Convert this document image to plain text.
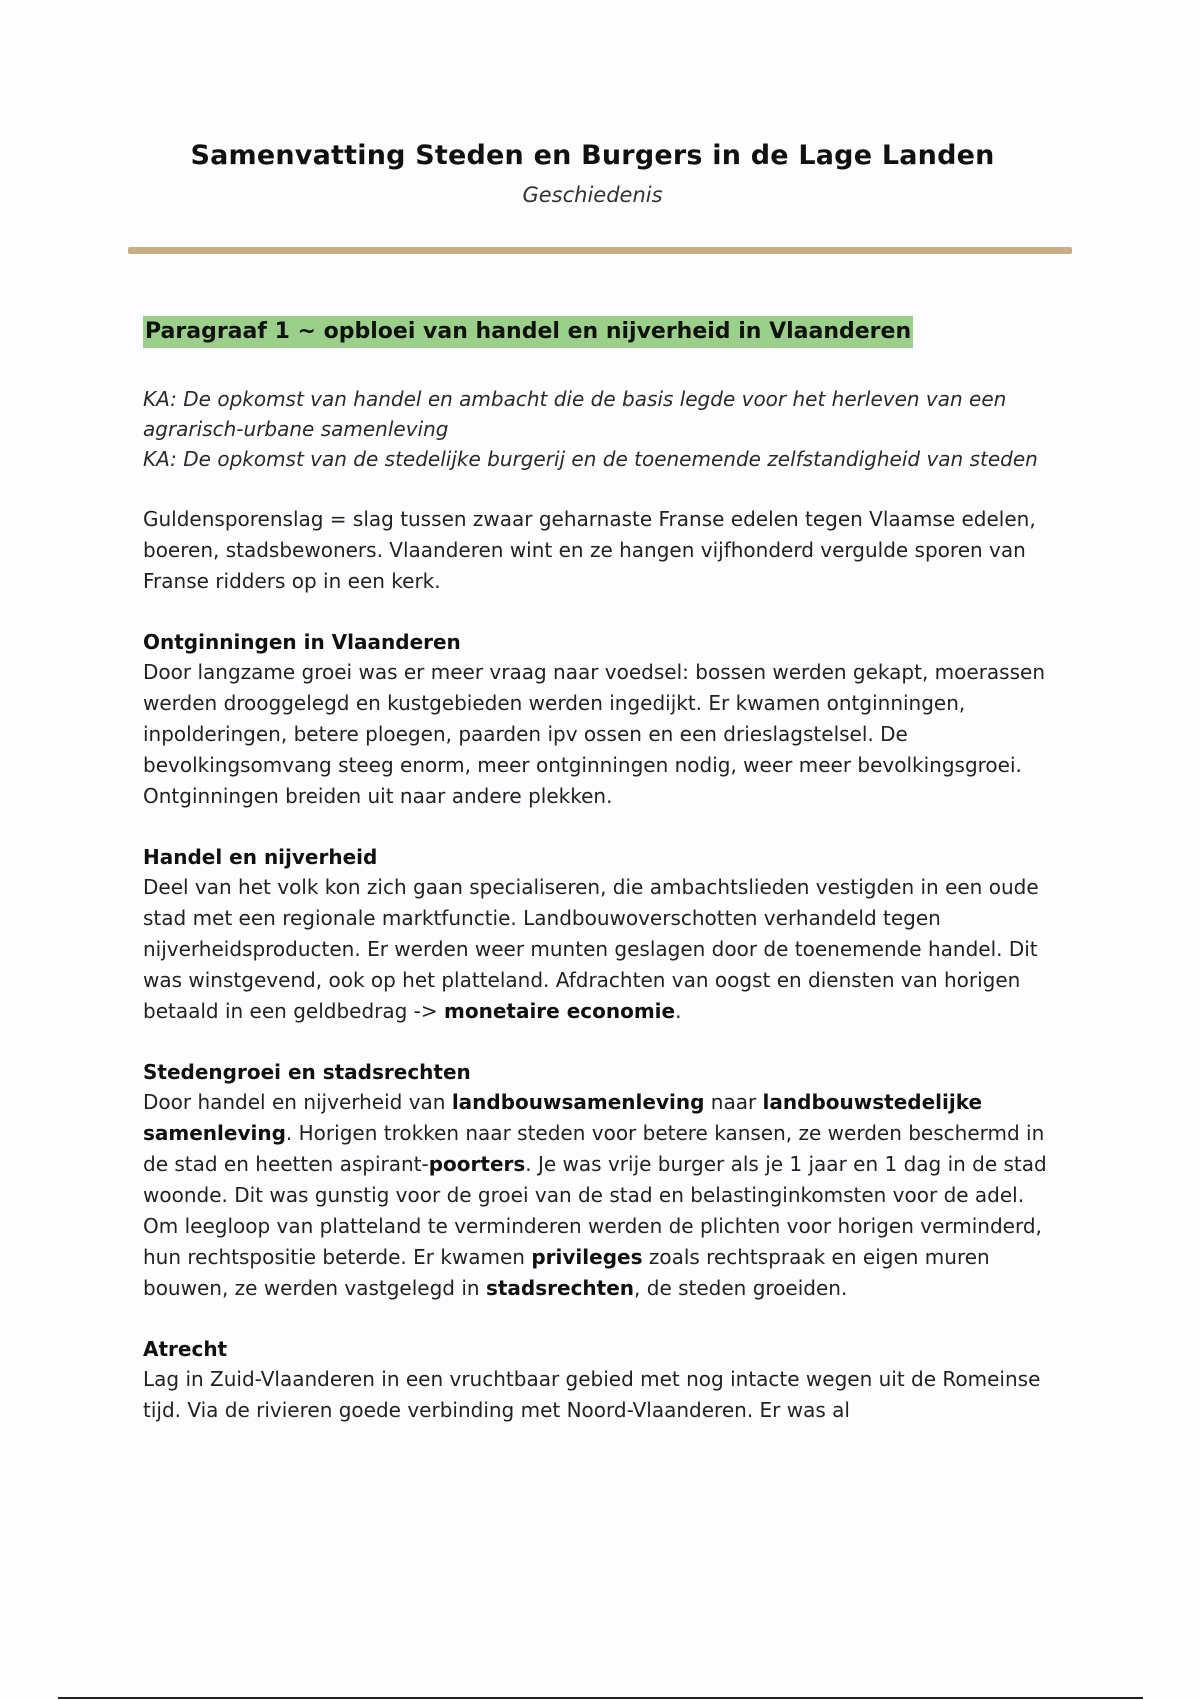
Samenvatting Steden en Burgers in de Lage Landen
Geschiedenis
Paragraaf 1 ~ opbloei van handel en nijverheid in Vlaanderen
KA: De opkomst van handel en ambacht die de basis legde voor het herleven van een agrarisch-urbane samenleving
KA: De opkomst van de stedelijke burgerij en de toenemende zelfstandigheid van steden
Guldensporenslag = slag tussen zwaar geharnaste Franse edelen tegen Vlaamse edelen, boeren, stadsbewoners. Vlaanderen wint en ze hangen vijfhonderd vergulde sporen van Franse ridders op in een kerk.
Ontginningen in Vlaanderen
Door langzame groei was er meer vraag naar voedsel: bossen werden gekapt, moerassen werden drooggelegd en kustgebieden werden ingedijkt. Er kwamen ontginningen, inpolderingen, betere ploegen, paarden ipv ossen en een drieslagstelsel. De bevolkingsomvang steeg enorm, meer ontginningen nodig, weer meer bevolkingsgroei. Ontginningen breiden uit naar andere plekken.
Handel en nijverheid
Deel van het volk kon zich gaan specialiseren, die ambachtslieden vestigden in een oude stad met een regionale marktfunctie. Landbouwoverschotten verhandeld tegen nijverheidsproducten. Er werden weer munten geslagen door de toenemende handel. Dit was winstgevend, ook op het platteland. Afdrachten van oogst en diensten van horigen betaald in een geldbedrag -> monetaire economie.
Stedengroei en stadsrechten
Door handel en nijverheid van landbouwsamenleving naar landbouwstedelijke samenleving. Horigen trokken naar steden voor betere kansen, ze werden beschermd in de stad en heetten aspirant-poorters. Je was vrije burger als je 1 jaar en 1 dag in de stad woonde. Dit was gunstig voor de groei van de stad en belastinginkomsten voor de adel. Om leegloop van platteland te verminderen werden de plichten voor horigen verminderd, hun rechtspositie beterde. Er kwamen privileges zoals rechtspraak en eigen muren bouwen, ze werden vastgelegd in stadsrechten, de steden groeiden.
Atrecht
Lag in Zuid-Vlaanderen in een vruchtbaar gebied met nog intacte wegen uit de Romeinse tijd. Via de rivieren goede verbinding met Noord-Vlaanderen. Er was al
